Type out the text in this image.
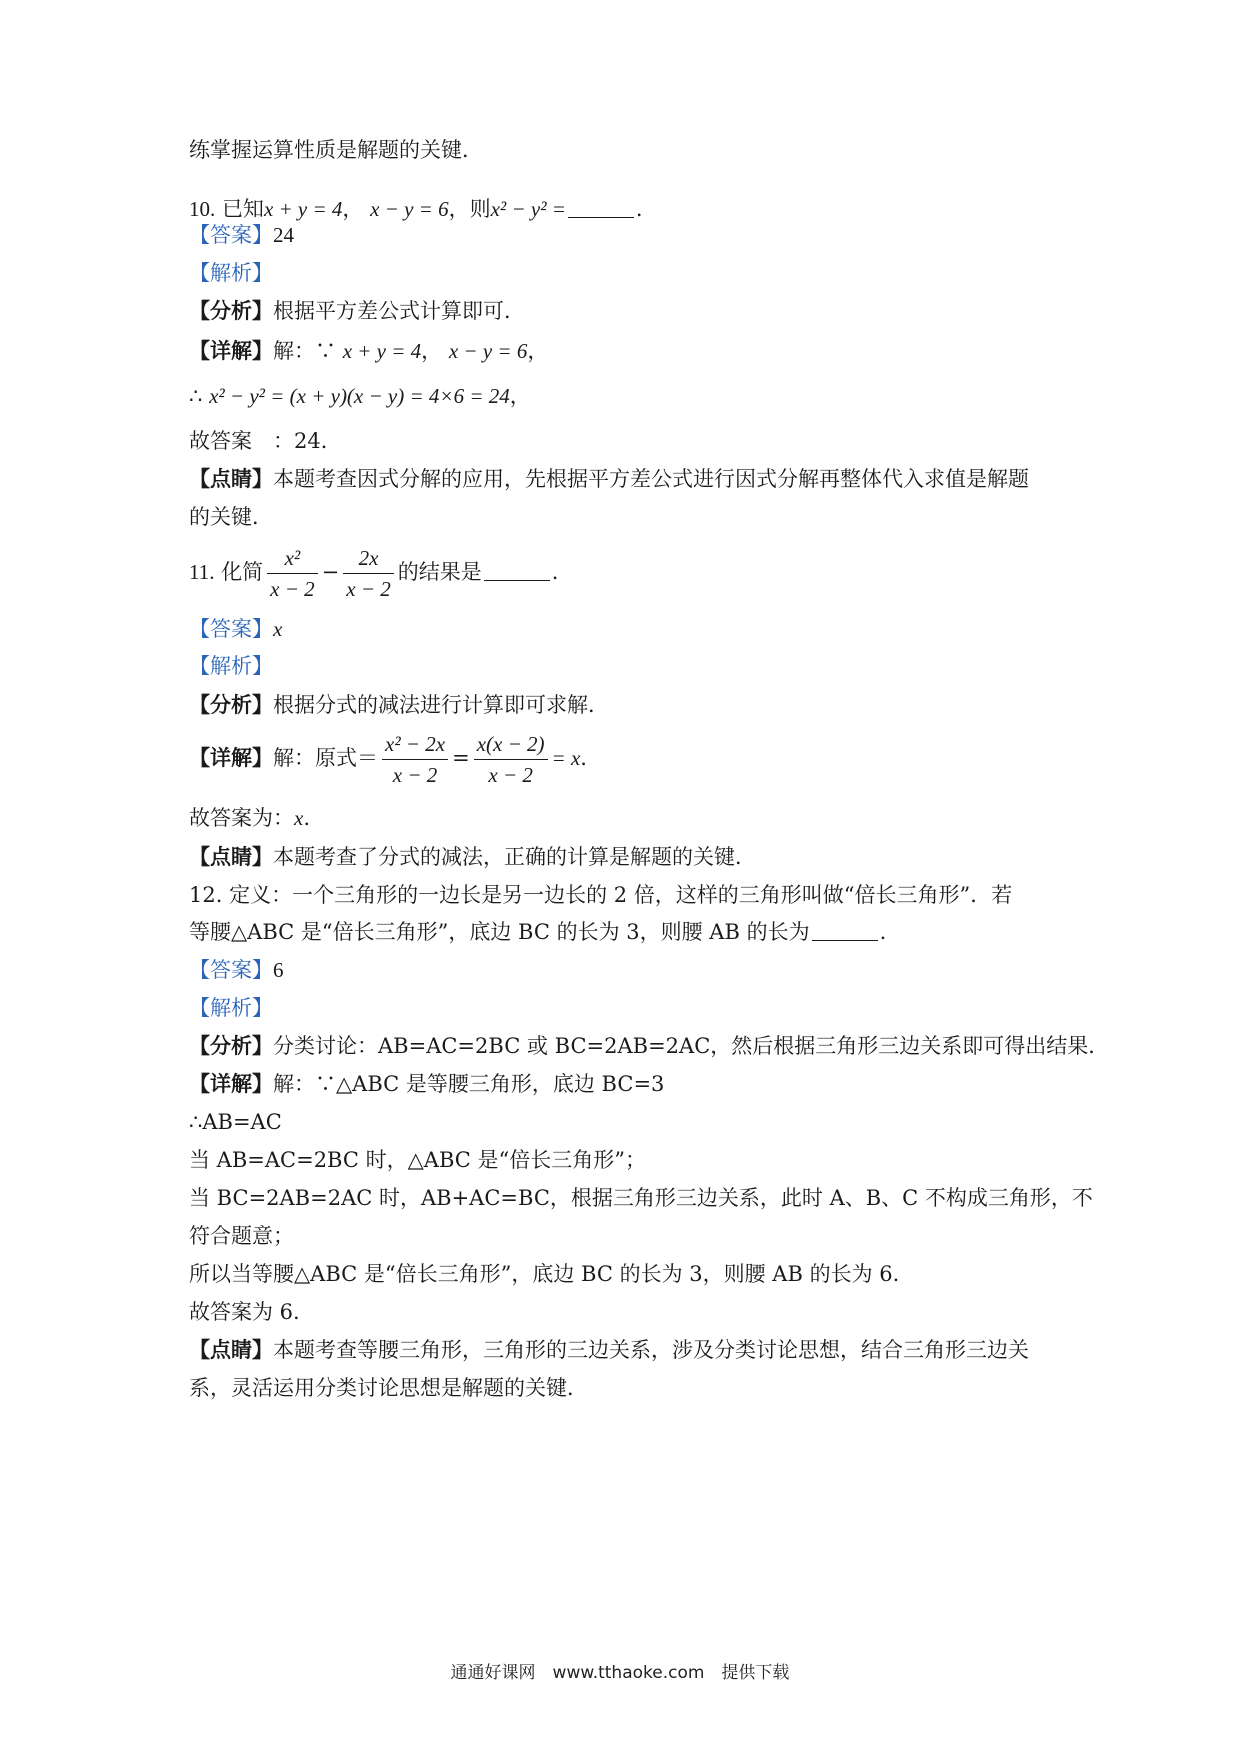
练掌握运算性质是解题的关键．
10. 已知x + y = 4， x − y = 6，则x² − y² =	.
【答案】24
【解析】
【分析】根据平方差公式计算即可．
【详解】解：∵ x + y = 4， x − y = 6，
∴ x² − y² = (x + y)(x − y) = 4×6 = 24，
故答案　：24．
【点睛】本题考查因式分解的应用，先根据平方差公式进行因式分解再整体代入求值是解题
的关键．
11. 化简 $\frac{\text{x²}}{x - 2} - \frac{2x}{x - 2}$ 的结果是	.
【答案】x
【解析】
【分析】根据分式的减法进行计算即可求解．
【详解】解：原式＝ $\frac{\text{x² − 2x}}{x - 2} = \frac{x(x - 2)}{x - 2} = x$.
故答案为：x.
【点睛】本题考查了分式的减法，正确的计算是解题的关键．
12. 定义：一个三角形的一边长是另一边长的 2 倍，这样的三角形叫做“倍长三角形”．若
等腰△ABC 是“倍长三角形”，底边 BC 的长为 3，则腰 AB 的长为	.
【答案】6
【解析】
【分析】分类讨论：AB=AC=2BC 或 BC=2AB=2AC，然后根据三角形三边关系即可得出结果．
【详解】解：∵△ABC 是等腰三角形，底边 BC=3
∴AB=AC
当 AB=AC=2BC 时，△ABC 是“倍长三角形”；
当 BC=2AB=2AC 时，AB+AC=BC，根据三角形三边关系，此时 A、B、C 不构成三角形，不
符合题意；
所以当等腰△ABC 是“倍长三角形”，底边 BC 的长为 3，则腰 AB 的长为 6.
故答案为 6.
【点睛】本题考查等腰三角形，三角形的三边关系，涉及分类讨论思想，结合三角形三边关
系，灵活运用分类讨论思想是解题的关键．
通通好课网　www.tthaoke.com　提供下载
